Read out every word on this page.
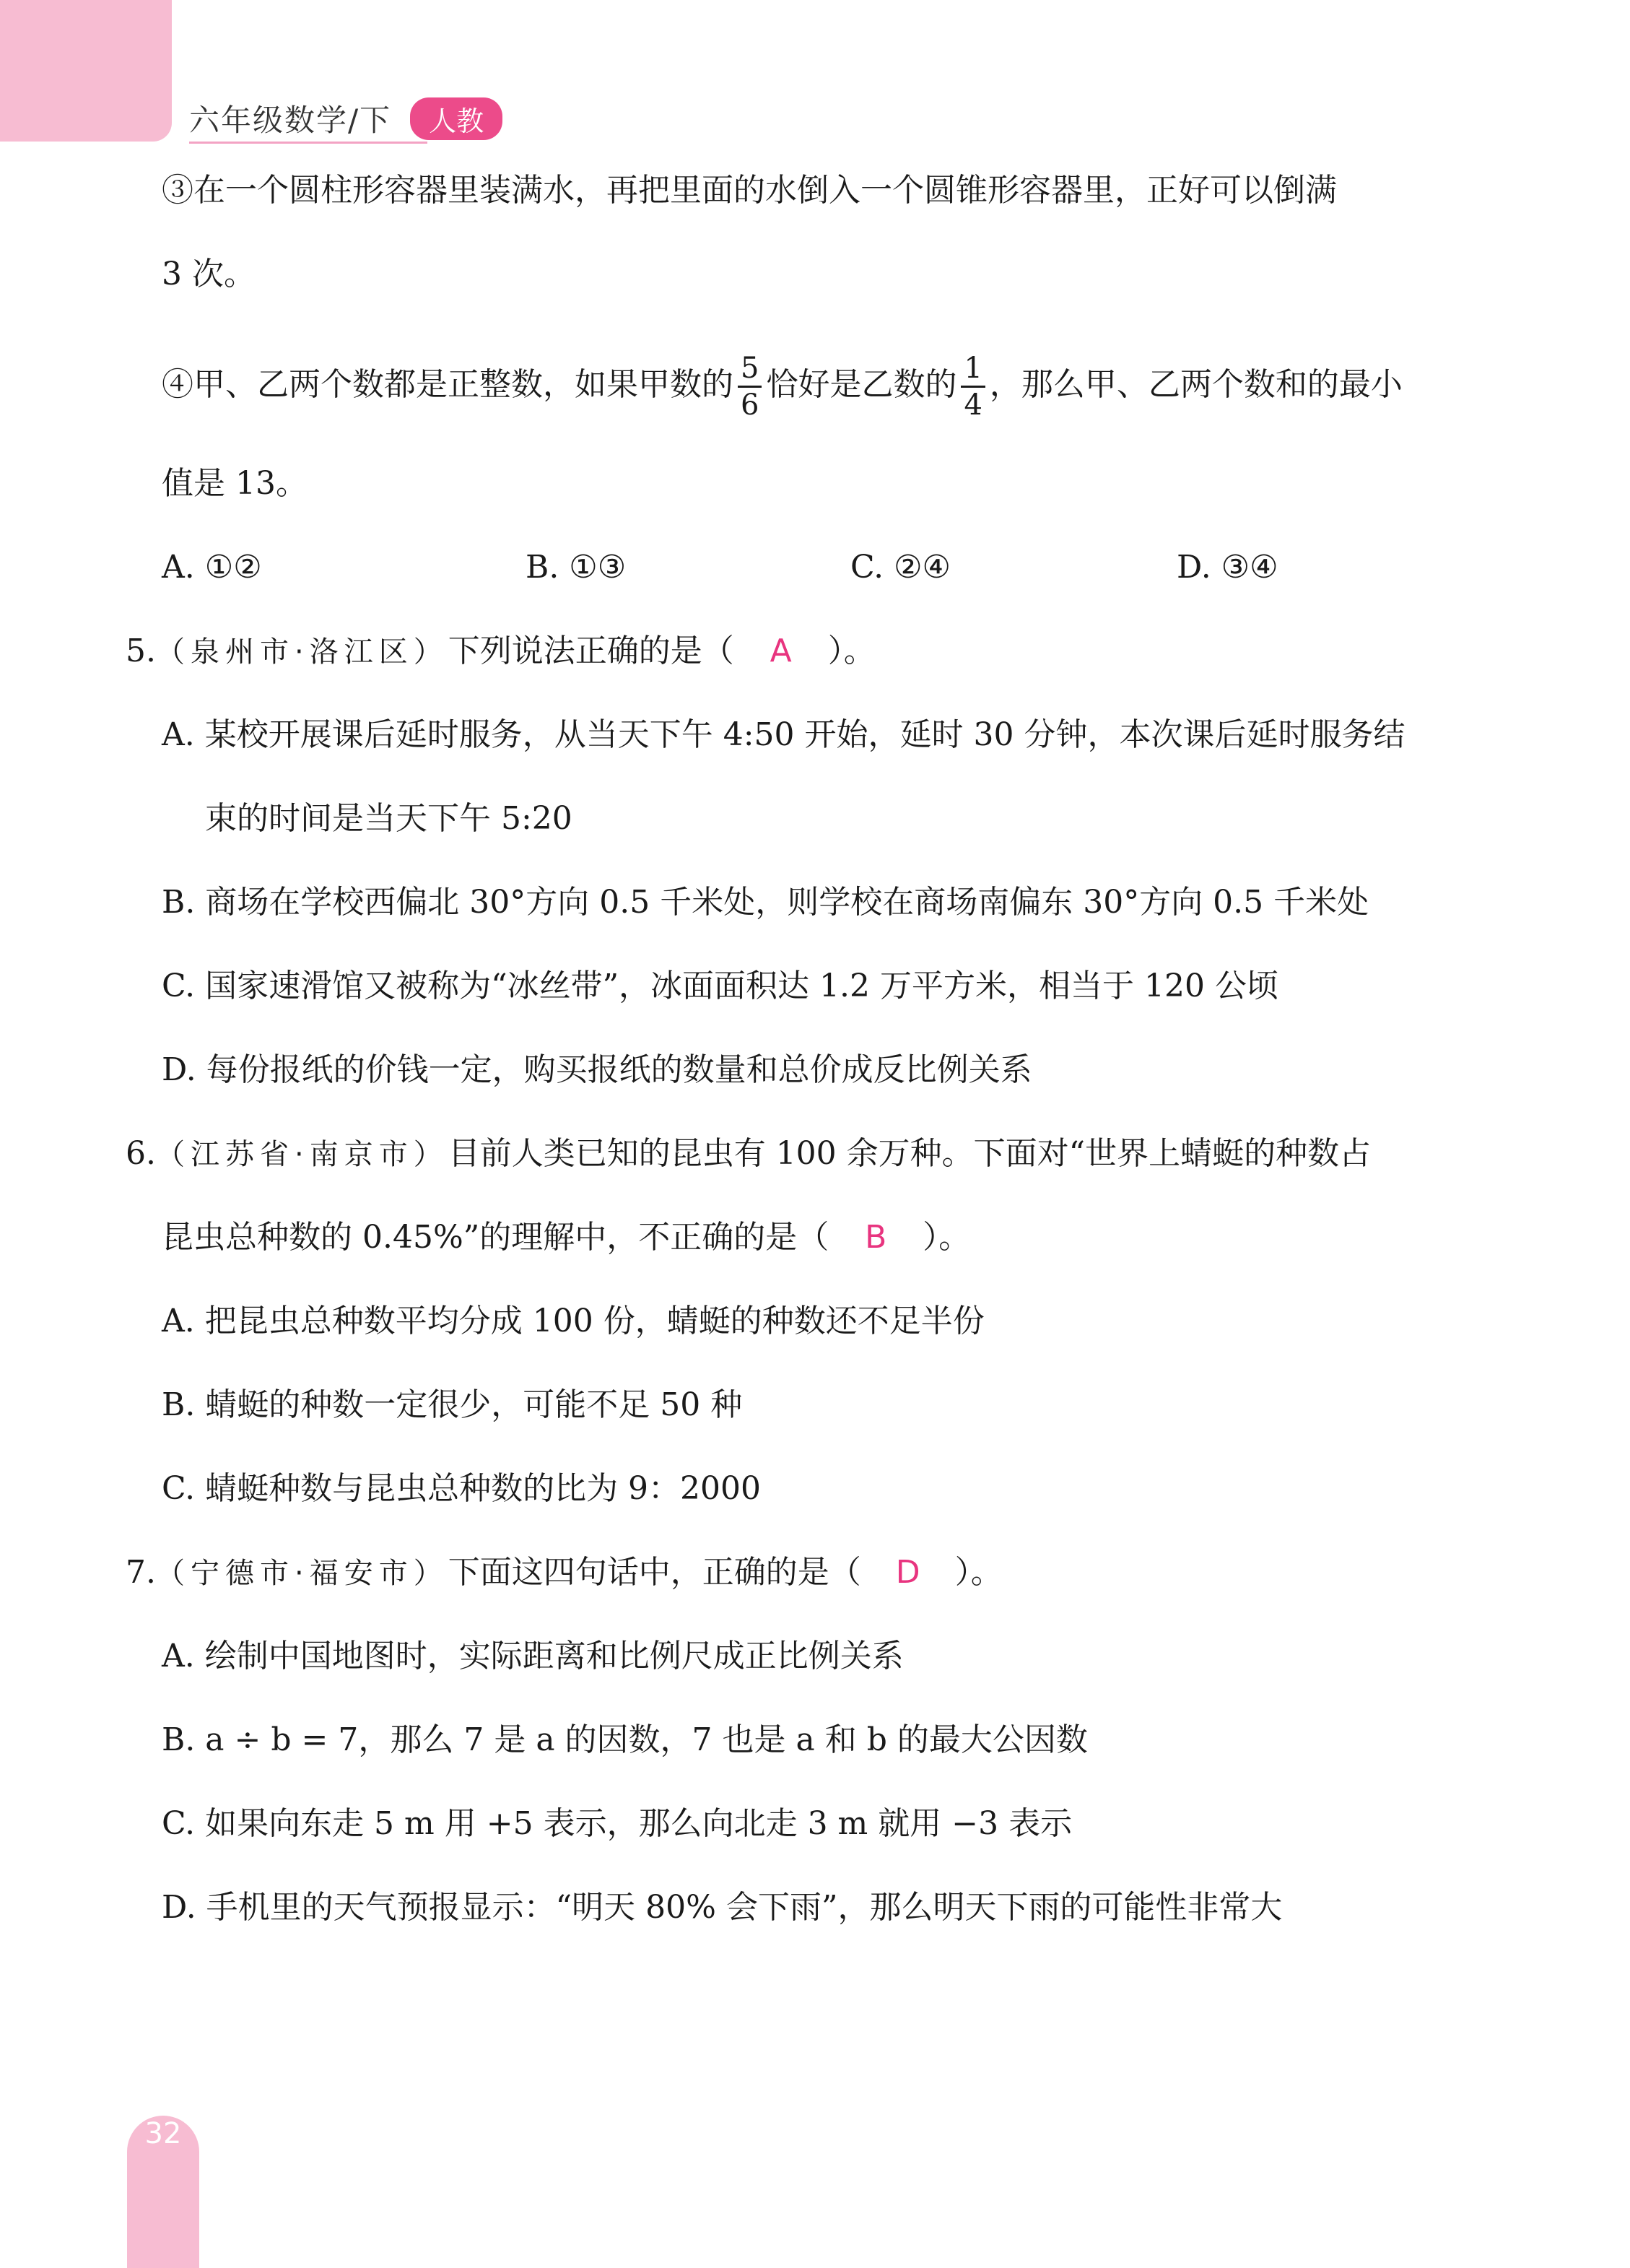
六年级数学/下	人教
③在一个圆柱形容器里装满水，再把里面的水倒入一个圆锥形容器里，正好可以倒满
3 次。
④甲、乙两个数都是正整数，如果甲数的 $\frac{5}{6}$ 恰好是乙数的 $\frac{1}{4}$ ，那么甲、乙两个数和的最小
值是 13。
A. ①②	B. ①③	C. ②④	D. ③④
5.（泉州市·洛江区）下列说法正确的是（ A ）。
A. 某校开展课后延时服务，从当天下午 4:50 开始，延时 30 分钟，本次课后延时服务结
束的时间是当天下午 5:20
B. 商场在学校西偏北 30°方向 0.5 千米处，则学校在商场南偏东 30°方向 0.5 千米处
C. 国家速滑馆又被称为“冰丝带”，冰面面积达 1.2 万平方米，相当于 120 公顷
D. 每份报纸的价钱一定，购买报纸的数量和总价成反比例关系
6.（江苏省·南京市）目前人类已知的昆虫有 100 余万种。下面对“世界上蜻蜓的种数占
昆虫总种数的 0.45%”的理解中，不正确的是（ B ）。
A. 把昆虫总种数平均分成 100 份，蜻蜓的种数还不足半份
B. 蜻蜓的种数一定很少，可能不足 50 种
C. 蜻蜓种数与昆虫总种数的比为 9：2000
7.（宁德市·福安市）下面这四句话中，正确的是（ D ）。
A. 绘制中国地图时，实际距离和比例尺成正比例关系
B. a ÷ b = 7，那么 7 是 a 的因数，7 也是 a 和 b 的最大公因数
C. 如果向东走 5 m 用 +5 表示，那么向北走 3 m 就用 −3 表示
D. 手机里的天气预报显示：“明天 80% 会下雨”，那么明天下雨的可能性非常大
32
